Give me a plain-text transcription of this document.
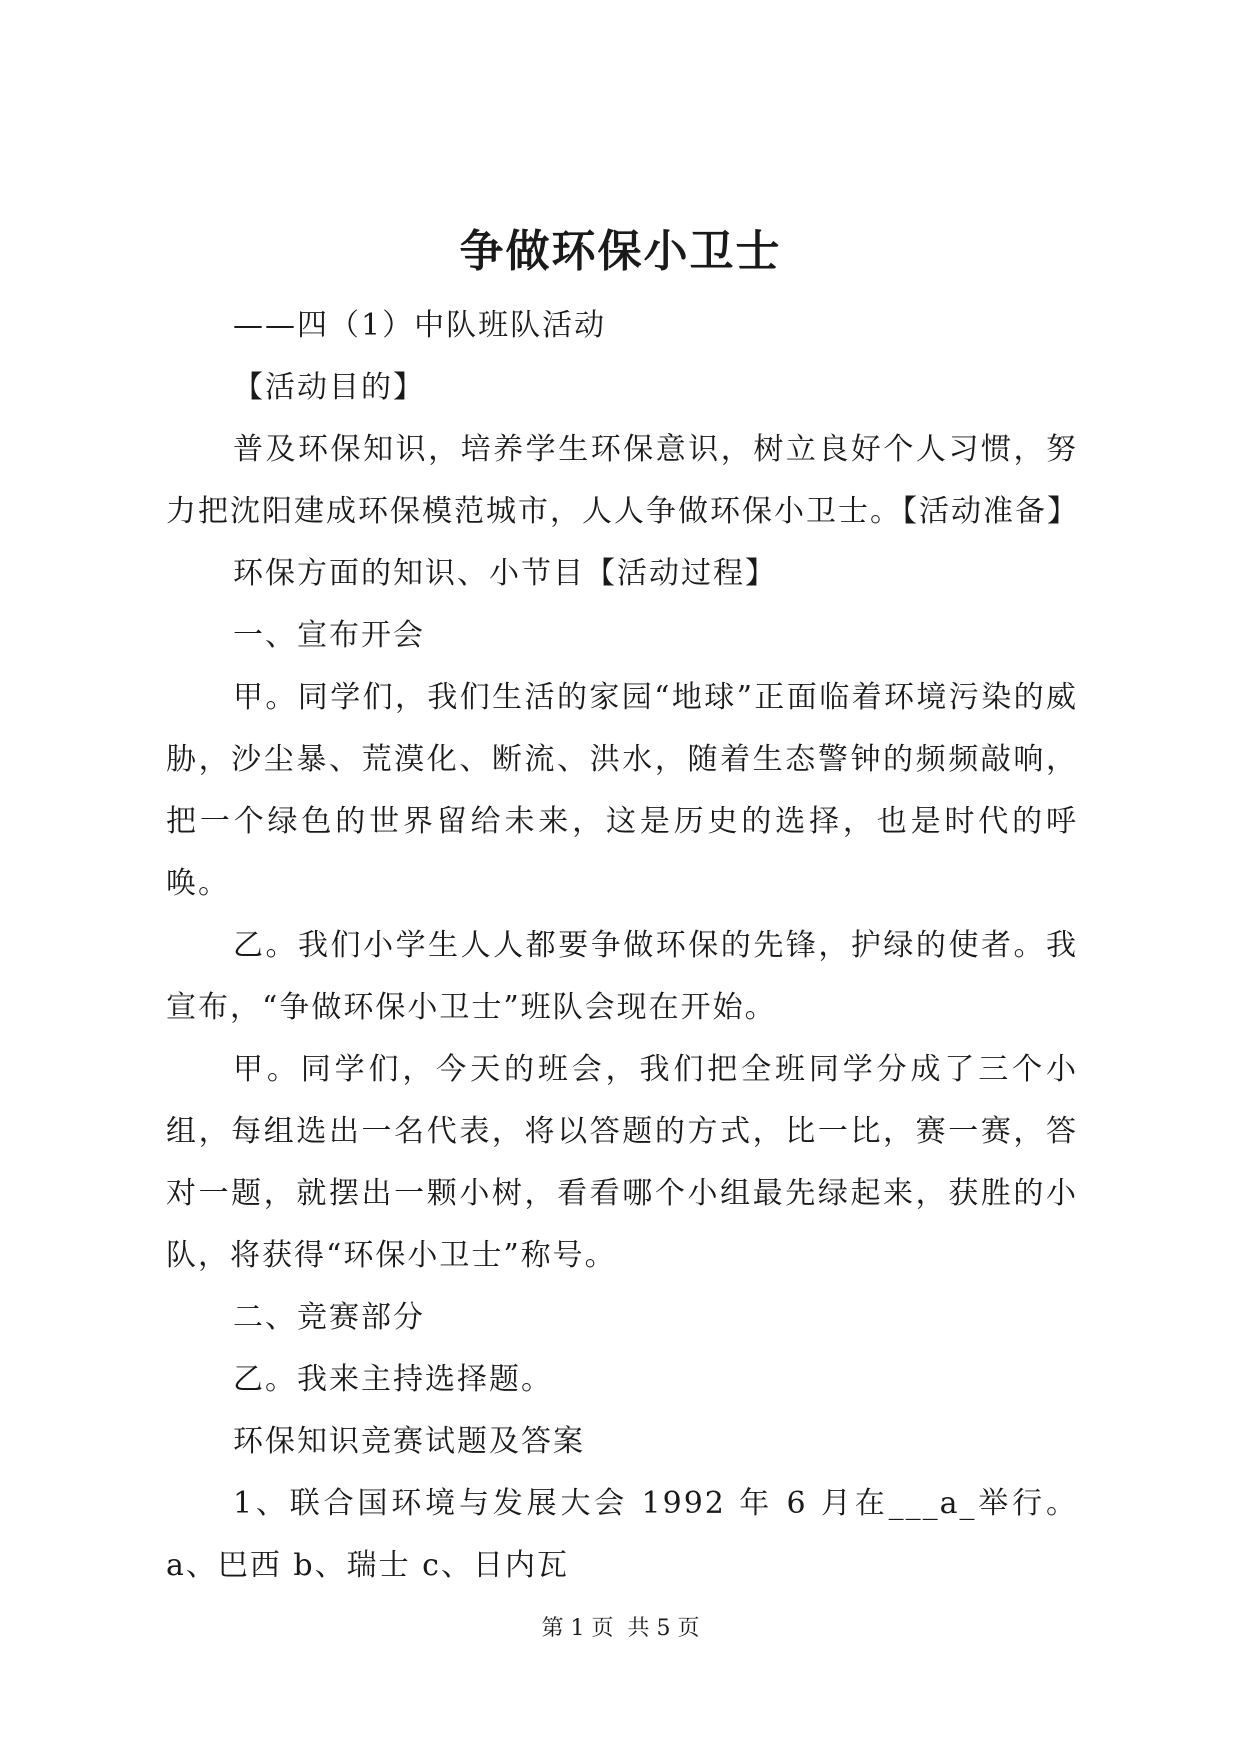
争做环保小卫士

——四（1）中队班队活动

【活动目的】

普及环保知识，培养学生环保意识，树立良好个人习惯，努力把沈阳建成环保模范城市，人人争做环保小卫士。【活动准备】

环保方面的知识、小节目【活动过程】

一、宣布开会

甲。同学们，我们生活的家园“地球”正面临着环境污染的威胁，沙尘暴、荒漠化、断流、洪水，随着生态警钟的频频敲响，把一个绿色的世界留给未来，这是历史的选择，也是时代的呼唤。

乙。我们小学生人人都要争做环保的先锋，护绿的使者。我宣布，“争做环保小卫士”班队会现在开始。

甲。同学们，今天的班会，我们把全班同学分成了三个小组，每组选出一名代表，将以答题的方式，比一比，赛一赛，答对一题，就摆出一颗小树，看看哪个小组最先绿起来，获胜的小队，将获得“环保小卫士”称号。

二、竞赛部分

乙。我来主持选择题。

环保知识竞赛试题及答案

1、联合国环境与发展大会 1992 年 6 月在___a_举行。a、巴西 b、瑞士 c、日内瓦

第 1 页 共 5 页
